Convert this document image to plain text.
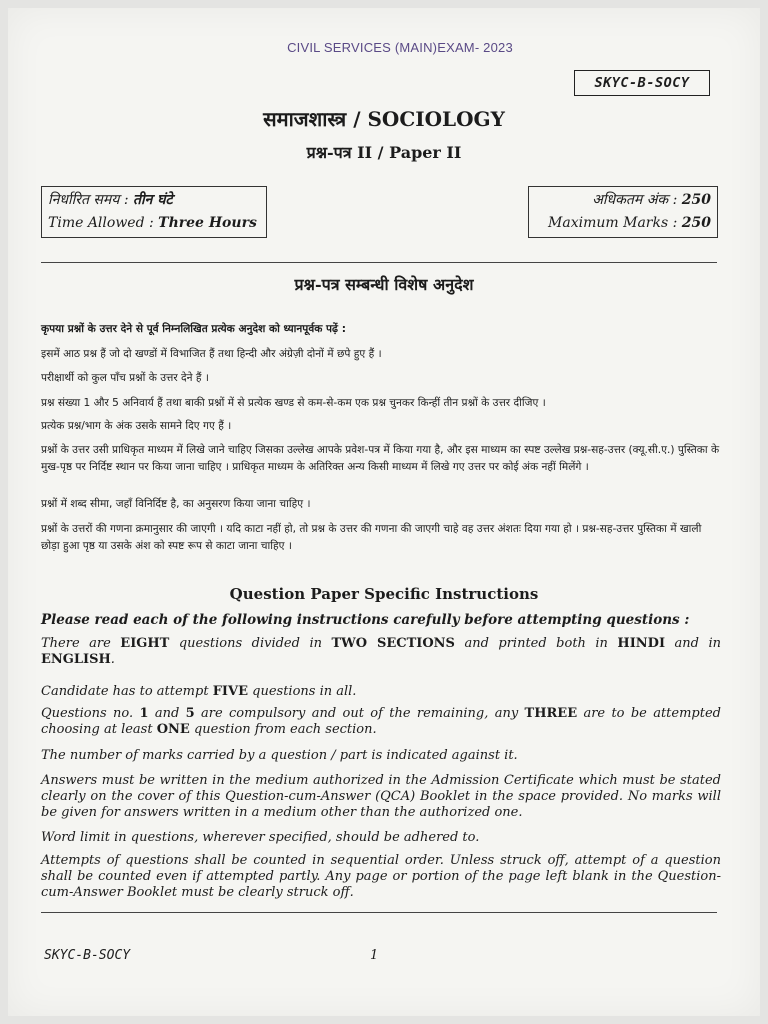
CIVIL SERVICES (MAIN)EXAM- 2023
SKYC-B-SOCY
समाजशास्त्र / SOCIOLOGY
प्रश्न-पत्र II / Paper II
निर्धारित समय : तीन घंटे
Time Allowed : Three Hours
अधिकतम अंक : 250
Maximum Marks : 250
प्रश्न-पत्र सम्बन्धी विशेष अनुदेश
कृपया प्रश्नों के उत्तर देने से पूर्व निम्नलिखित प्रत्येक अनुदेश को ध्यानपूर्वक पढ़ें :
इसमें आठ प्रश्न हैं जो दो खण्डों में विभाजित हैं तथा हिन्दी और अंग्रेज़ी दोनों में छपे हुए हैं ।
परीक्षार्थी को कुल पाँच प्रश्नों के उत्तर देने हैं ।
प्रश्न संख्या 1 और 5 अनिवार्य हैं तथा बाकी प्रश्नों में से प्रत्येक खण्ड से कम-से-कम एक प्रश्न चुनकर किन्हीं तीन प्रश्नों के उत्तर दीजिए ।
प्रत्येक प्रश्न/भाग के अंक उसके सामने दिए गए हैं ।
प्रश्नों के उत्तर उसी प्राधिकृत माध्यम में लिखे जाने चाहिए जिसका उल्लेख आपके प्रवेश-पत्र में किया गया है, और इस माध्यम का स्पष्ट उल्लेख प्रश्न-सह-उत्तर (क्यू.सी.ए.) पुस्तिका के मुख-पृष्ठ पर निर्दिष्ट स्थान पर किया जाना चाहिए । प्राधिकृत माध्यम के अतिरिक्त अन्य किसी माध्यम में लिखे गए उत्तर पर कोई अंक नहीं मिलेंगे ।
प्रश्नों में शब्द सीमा, जहाँ विनिर्दिष्ट है, का अनुसरण किया जाना चाहिए ।
प्रश्नों के उत्तरों की गणना क्रमानुसार की जाएगी । यदि काटा नहीं हो, तो प्रश्न के उत्तर की गणना की जाएगी चाहे वह उत्तर अंशतः दिया गया हो । प्रश्न-सह-उत्तर पुस्तिका में खाली छोड़ा हुआ पृष्ठ या उसके अंश को स्पष्ट रूप से काटा जाना चाहिए ।
Question Paper Specific Instructions
Please read each of the following instructions carefully before attempting questions :
There are EIGHT questions divided in TWO SECTIONS and printed both in HINDI and in ENGLISH.
Candidate has to attempt FIVE questions in all.
Questions no. 1 and 5 are compulsory and out of the remaining, any THREE are to be attempted choosing at least ONE question from each section.
The number of marks carried by a question / part is indicated against it.
Answers must be written in the medium authorized in the Admission Certificate which must be stated clearly on the cover of this Question-cum-Answer (QCA) Booklet in the space provided. No marks will be given for answers written in a medium other than the authorized one.
Word limit in questions, wherever specified, should be adhered to.
Attempts of questions shall be counted in sequential order. Unless struck off, attempt of a question shall be counted even if attempted partly. Any page or portion of the page left blank in the Question-cum-Answer Booklet must be clearly struck off.
SKYC-B-SOCY	1
